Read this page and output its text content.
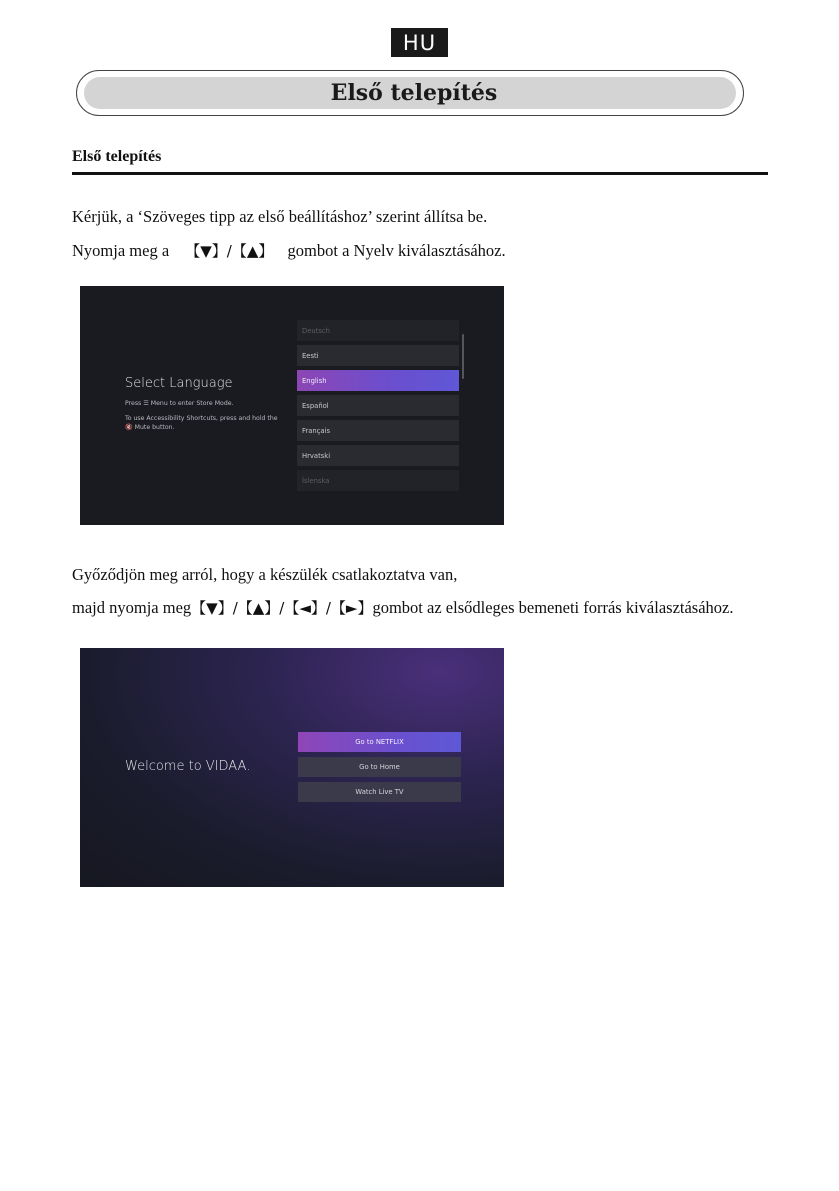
HU
Első telepítés
Első telepítés
Kérjük, a ‘Szöveges tipp az első beállításhoz’ szerint állítsa be.
Nyomja meg a 【▼】/【▲】 gombot a Nyelv kiválasztásához.
Select Language
Press ☰ Menu to enter Store Mode.
To use Accessibility Shortcuts, press and hold the 🔇 Mute button.
Deutsch
Eesti
English
Español
Français
Hrvatski
Íslenska
Győződjön meg arról, hogy a készülék csatlakoztatva van,
majd nyomja meg【▼】/【▲】/【◄】/【►】gombot az elsődleges bemeneti forrás kiválasztásához.
Welcome to VIDAA.
Go to NETFLIX
Go to Home
Watch Live TV
